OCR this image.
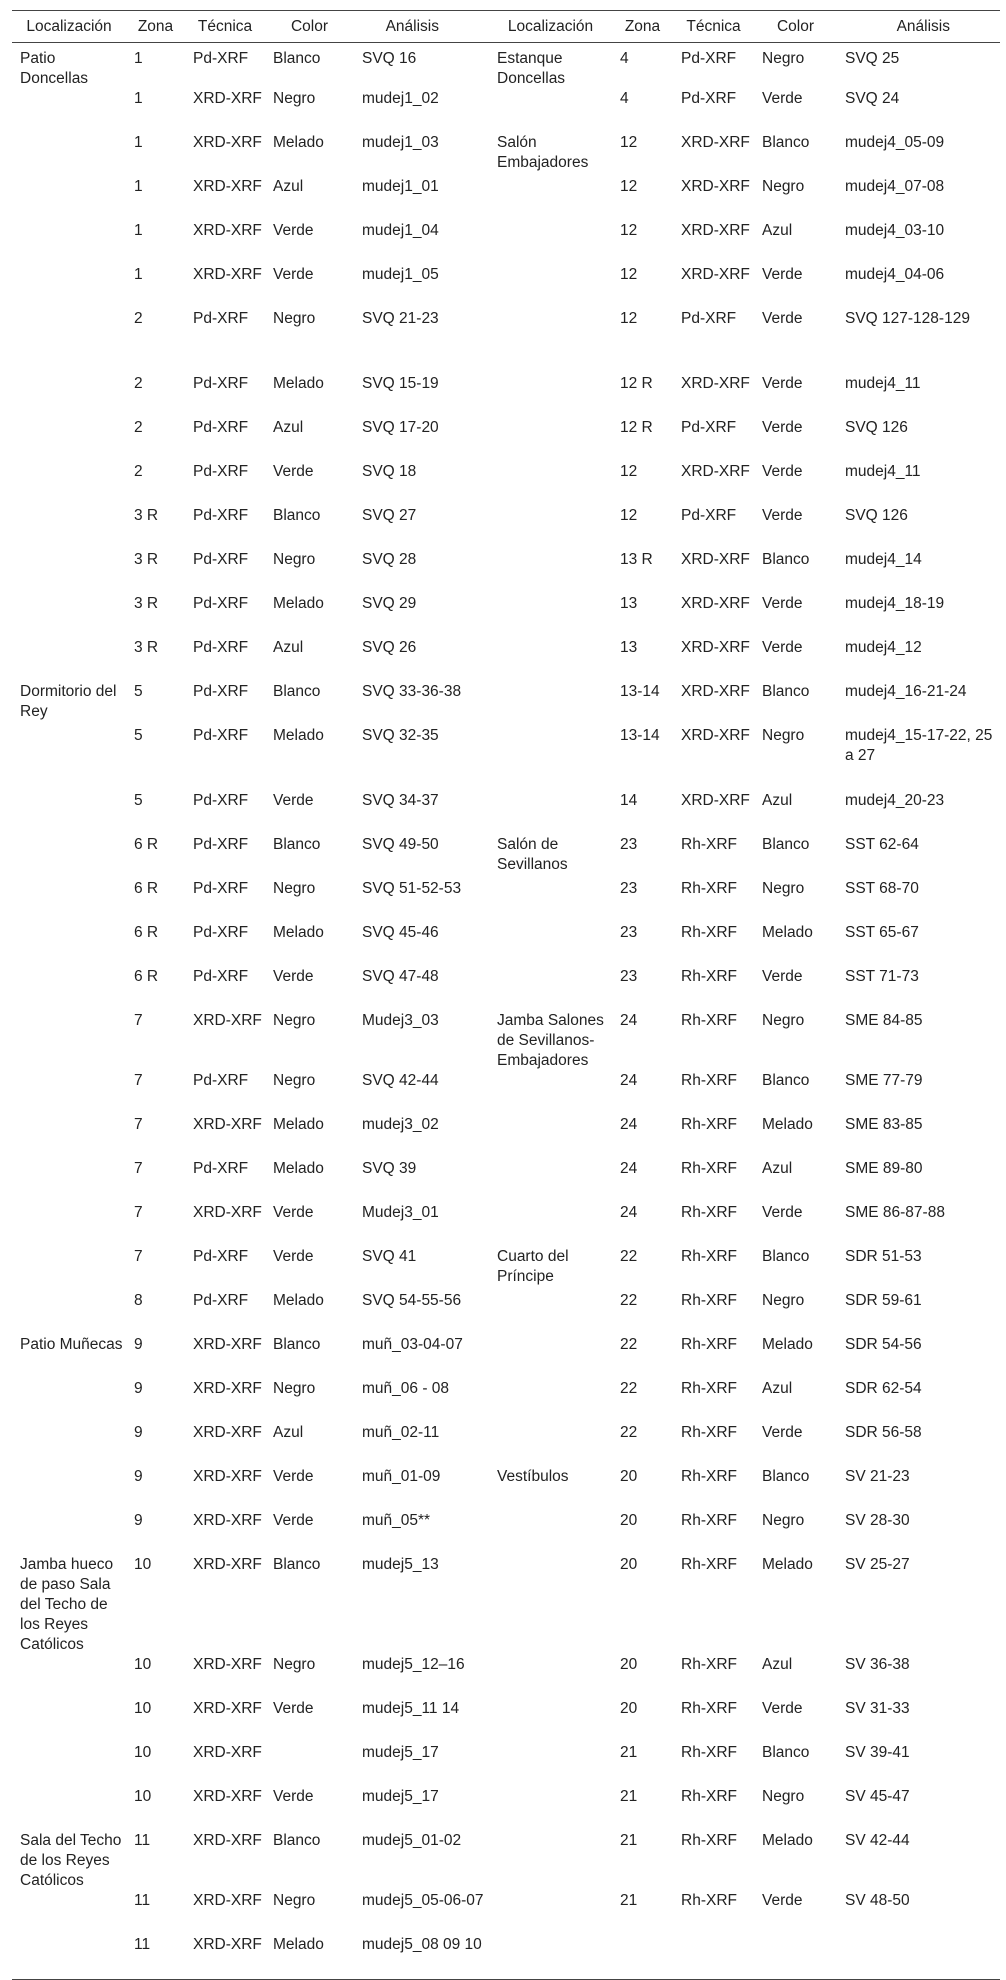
Localización	Zona	Técnica	Color	Análisis	Localización	Zona	Técnica	Color	Análisis
Patio Doncellas	1	Pd-XRF	Blanco	SVQ 16	Estanque Doncellas	4	Pd-XRF	Negro	SVQ 25
	1	XRD-XRF	Negro	mudej1_02		4	Pd-XRF	Verde	SVQ 24
	1	XRD-XRF	Melado	mudej1_03	Salón Embajadores	12	XRD-XRF	Blanco	mudej4_05-09
	1	XRD-XRF	Azul	mudej1_01		12	XRD-XRF	Negro	mudej4_07-08
	1	XRD-XRF	Verde	mudej1_04		12	XRD-XRF	Azul	mudej4_03-10
	1	XRD-XRF	Verde	mudej1_05		12	XRD-XRF	Verde	mudej4_04-06
	2	Pd-XRF	Negro	SVQ 21-23		12	Pd-XRF	Verde	SVQ 127-128-129
	2	Pd-XRF	Melado	SVQ 15-19		12 R	XRD-XRF	Verde	mudej4_11
	2	Pd-XRF	Azul	SVQ 17-20		12 R	Pd-XRF	Verde	SVQ 126
	2	Pd-XRF	Verde	SVQ 18		12	XRD-XRF	Verde	mudej4_11
	3 R	Pd-XRF	Blanco	SVQ 27		12	Pd-XRF	Verde	SVQ 126
	3 R	Pd-XRF	Negro	SVQ 28		13 R	XRD-XRF	Blanco	mudej4_14
	3 R	Pd-XRF	Melado	SVQ 29		13	XRD-XRF	Verde	mudej4_18-19
	3 R	Pd-XRF	Azul	SVQ 26		13	XRD-XRF	Verde	mudej4_12
Dormitorio del Rey	5	Pd-XRF	Blanco	SVQ 33-36-38		13-14	XRD-XRF	Blanco	mudej4_16-21-24
	5	Pd-XRF	Melado	SVQ 32-35		13-14	XRD-XRF	Negro	mudej4_15-17-22, 25 a 27
	5	Pd-XRF	Verde	SVQ 34-37		14	XRD-XRF	Azul	mudej4_20-23
	6 R	Pd-XRF	Blanco	SVQ 49-50	Salón de Sevillanos	23	Rh-XRF	Blanco	SST 62-64
	6 R	Pd-XRF	Negro	SVQ 51-52-53		23	Rh-XRF	Negro	SST 68-70
	6 R	Pd-XRF	Melado	SVQ 45-46		23	Rh-XRF	Melado	SST 65-67
	6 R	Pd-XRF	Verde	SVQ 47-48		23	Rh-XRF	Verde	SST 71-73
	7	XRD-XRF	Negro	Mudej3_03	Jamba Salones de Sevillanos-Embajadores	24	Rh-XRF	Negro	SME 84-85
	7	Pd-XRF	Negro	SVQ 42-44		24	Rh-XRF	Blanco	SME 77-79
	7	XRD-XRF	Melado	mudej3_02		24	Rh-XRF	Melado	SME 83-85
	7	Pd-XRF	Melado	SVQ 39		24	Rh-XRF	Azul	SME 89-80
	7	XRD-XRF	Verde	Mudej3_01		24	Rh-XRF	Verde	SME 86-87-88
	7	Pd-XRF	Verde	SVQ 41	Cuarto del Príncipe	22	Rh-XRF	Blanco	SDR 51-53
	8	Pd-XRF	Melado	SVQ 54-55-56		22	Rh-XRF	Negro	SDR 59-61
Patio Muñecas	9	XRD-XRF	Blanco	muñ_03-04-07		22	Rh-XRF	Melado	SDR 54-56
	9	XRD-XRF	Negro	muñ_06 - 08		22	Rh-XRF	Azul	SDR 62-54
	9	XRD-XRF	Azul	muñ_02-11		22	Rh-XRF	Verde	SDR 56-58
	9	XRD-XRF	Verde	muñ_01-09	Vestíbulos	20	Rh-XRF	Blanco	SV 21-23
	9	XRD-XRF	Verde	muñ_05**		20	Rh-XRF	Negro	SV 28-30
Jamba hueco de paso Sala del Techo de los Reyes Católicos	10	XRD-XRF	Blanco	mudej5_13		20	Rh-XRF	Melado	SV 25-27
	10	XRD-XRF	Negro	mudej5_12–16		20	Rh-XRF	Azul	SV 36-38
	10	XRD-XRF	Verde	mudej5_11 14		20	Rh-XRF	Verde	SV 31-33
	10	XRD-XRF		mudej5_17		21	Rh-XRF	Blanco	SV 39-41
	10	XRD-XRF	Verde	mudej5_17		21	Rh-XRF	Negro	SV 45-47
Sala del Techo de los Reyes Católicos	11	XRD-XRF	Blanco	mudej5_01-02		21	Rh-XRF	Melado	SV 42-44
	11	XRD-XRF	Negro	mudej5_05-06-07		21	Rh-XRF	Verde	SV 48-50
	11	XRD-XRF	Melado	mudej5_08 09 10					
